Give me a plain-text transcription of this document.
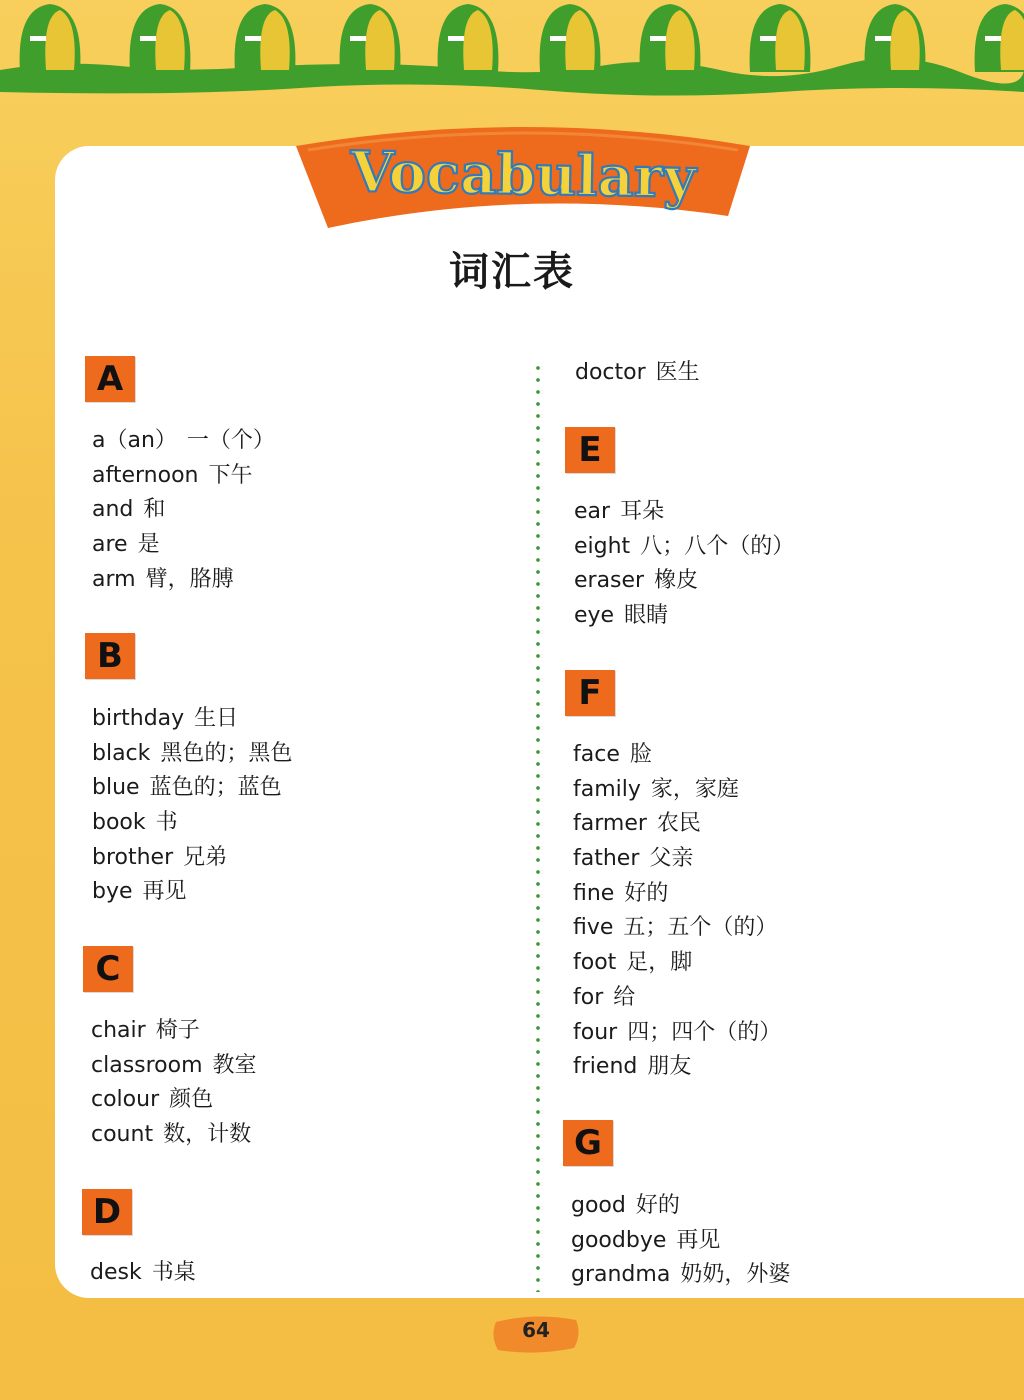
Vocabulary
词汇表
A
a（an） 一（个）
afternoon 下午
and 和
are 是
arm 臂，胳膊
B
birthday 生日
black 黑色的；黑色
blue 蓝色的；蓝色
book 书
brother 兄弟
bye 再见
C
chair 椅子
classroom 教室
colour 颜色
count 数，计数
D
desk 书桌
doctor 医生
E
ear 耳朵
eight 八；八个（的）
eraser 橡皮
eye 眼睛
F
face 脸
family 家，家庭
farmer 农民
father 父亲
fine 好的
five 五；五个（的）
foot 足，脚
for 给
four 四；四个（的）
friend 朋友
G
good 好的
goodbye 再见
grandma 奶奶，外婆
64
